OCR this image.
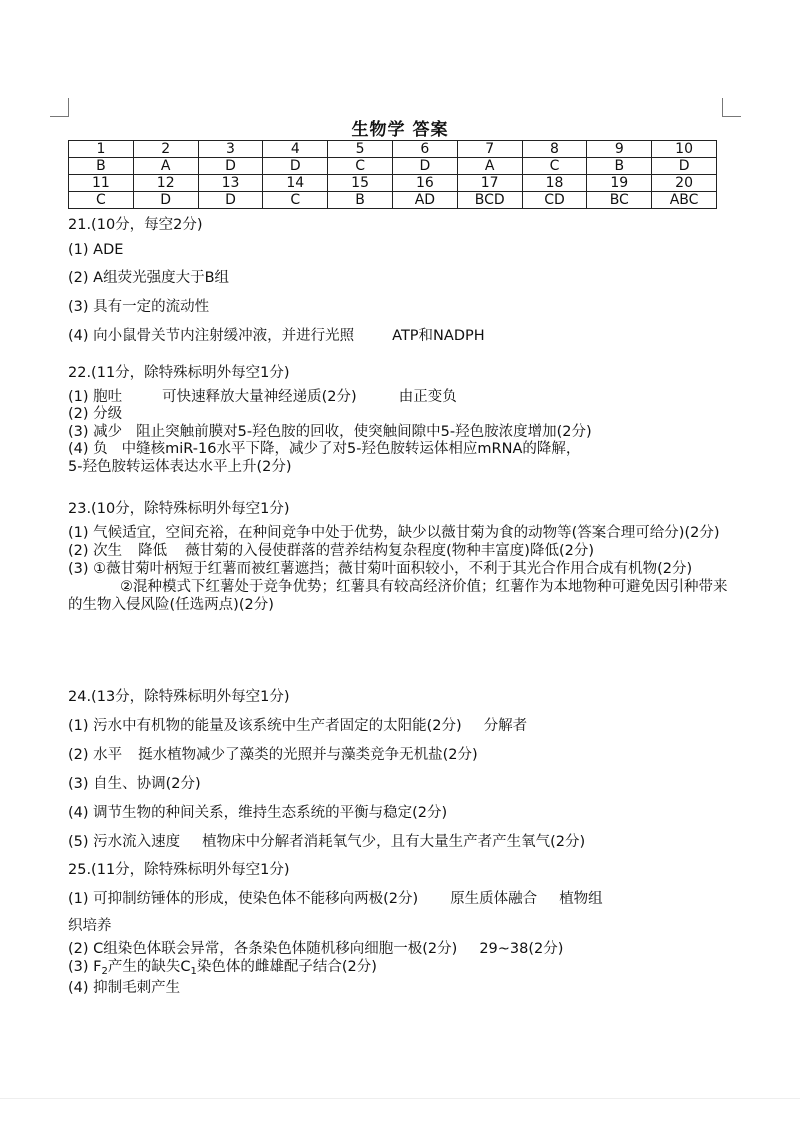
生物学 答案
1	2	3	4	5	6	7	8	9	10
B	A	D	D	C	D	A	C	B	D
11	12	13	14	15	16	17	18	19	20
C	D	D	C	B	AD	BCD	CD	BC	ABC
21.(10分，每空2分)
(1) ADE
(2) A组荧光强度大于B组
(3) 具有一定的流动性
(4) 向小鼠骨关节内注射缓冲液，并进行光照	ATP和NADPH
22.(11分，除特殊标明外每空1分)
(1) 胞吐	可快速释放大量神经递质(2分)	由正变负
(2) 分级
(3) 减少 阻止突触前膜对5-羟色胺的回收，使突触间隙中5-羟色胺浓度增加(2分)
(4) 负 中缝核miR-16水平下降，减少了对5-羟色胺转运体相应mRNA的降解，
5-羟色胺转运体表达水平上升(2分)
23.(10分，除特殊标明外每空1分)
(1) 气候适宜，空间充裕，在种间竞争中处于优势，缺少以薇甘菊为食的动物等(答案合理可给分)(2分)
(2) 次生 降低 薇甘菊的入侵使群落的营养结构复杂程度(物种丰富度)降低(2分)
(3) ①薇甘菊叶柄短于红薯而被红薯遮挡；薇甘菊叶面积较小，不利于其光合作用合成有机物(2分)
②混种模式下红薯处于竞争优势；红薯具有较高经济价值；红薯作为本地物种可避免因引种带来的生物入侵风险(任选两点)(2分)
24.(13分，除特殊标明外每空1分)
(1) 污水中有机物的能量及该系统中生产者固定的太阳能(2分) 分解者
(2) 水平 挺水植物减少了藻类的光照并与藻类竞争无机盐(2分)
(3) 自生、协调(2分)
(4) 调节生物的种间关系，维持生态系统的平衡与稳定(2分)
(5) 污水流入速度 植物床中分解者消耗氧气少，且有大量生产者产生氧气(2分)
25.(11分，除特殊标明外每空1分)
(1) 可抑制纺锤体的形成，使染色体不能移向两极(2分) 原生质体融合 植物组
织培养
(2) C组染色体联会异常，各条染色体随机移向细胞一极(2分) 29~38(2分)
(3) $F_2$产生的缺失$C_1$染色体的雌雄配子结合(2分)
(4) 抑制毛刺产生
